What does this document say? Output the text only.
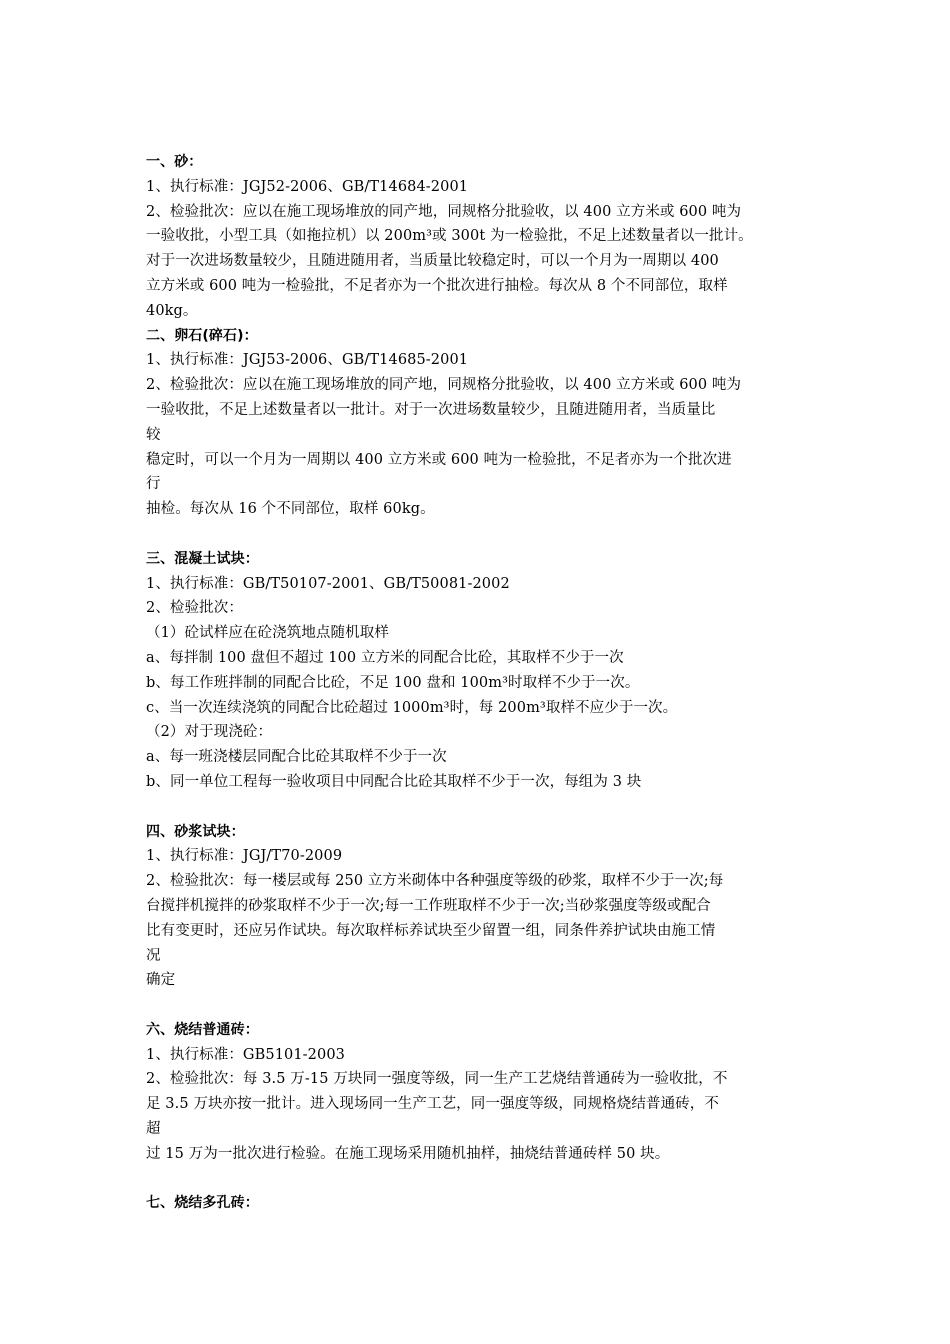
一、砂：
1、执行标准：JGJ52-2006、GB/T14684-2001
2、检验批次：应以在施工现场堆放的同产地，同规格分批验收，以 400 立方米或 600 吨为
一验收批，小型工具（如拖拉机）以 200m³或 300t 为一检验批，不足上述数量者以一批计。
对于一次进场数量较少，且随进随用者，当质量比较稳定时，可以一个月为一周期以 400
立方米或 600 吨为一检验批，不足者亦为一个批次进行抽检。每次从 8 个不同部位，取样
40kg。
二、卵石(碎石)：
1、执行标准：JGJ53-2006、GB/T14685-2001
2、检验批次：应以在施工现场堆放的同产地，同规格分批验收，以 400 立方米或 600 吨为
一验收批，不足上述数量者以一批计。对于一次进场数量较少，且随进随用者，当质量比
较
稳定时，可以一个月为一周期以 400 立方米或 600 吨为一检验批，不足者亦为一个批次进
行
抽检。每次从 16 个不同部位，取样 60kg。
三、混凝土试块：
1、执行标准：GB/T50107-2001、GB/T50081-2002
2、检验批次：
（1）砼试样应在砼浇筑地点随机取样
a、每拌制 100 盘但不超过 100 立方米的同配合比砼，其取样不少于一次
b、每工作班拌制的同配合比砼，不足 100 盘和 100m³时取样不少于一次。
c、当一次连续浇筑的同配合比砼超过 1000m³时，每 200m³取样不应少于一次。
（2）对于现浇砼：
a、每一班浇楼层同配合比砼其取样不少于一次
b、同一单位工程每一验收项目中同配合比砼其取样不少于一次，每组为 3 块
四、砂浆试块：
1、执行标准：JGJ/T70-2009
2、检验批次：每一楼层或每 250 立方米砌体中各种强度等级的砂浆，取样不少于一次;每
台搅拌机搅拌的砂浆取样不少于一次;每一工作班取样不少于一次;当砂浆强度等级或配合
比有变更时，还应另作试块。每次取样标养试块至少留置一组，同条件养护试块由施工情
况
确定
六、烧结普通砖：
1、执行标准：GB5101-2003
2、检验批次：每 3.5 万-15 万块同一强度等级，同一生产工艺烧结普通砖为一验收批，不
足 3.5 万块亦按一批计。进入现场同一生产工艺，同一强度等级，同规格烧结普通砖，不
超
过 15 万为一批次进行检验。在施工现场采用随机抽样，抽烧结普通砖样 50 块。
七、烧结多孔砖：
